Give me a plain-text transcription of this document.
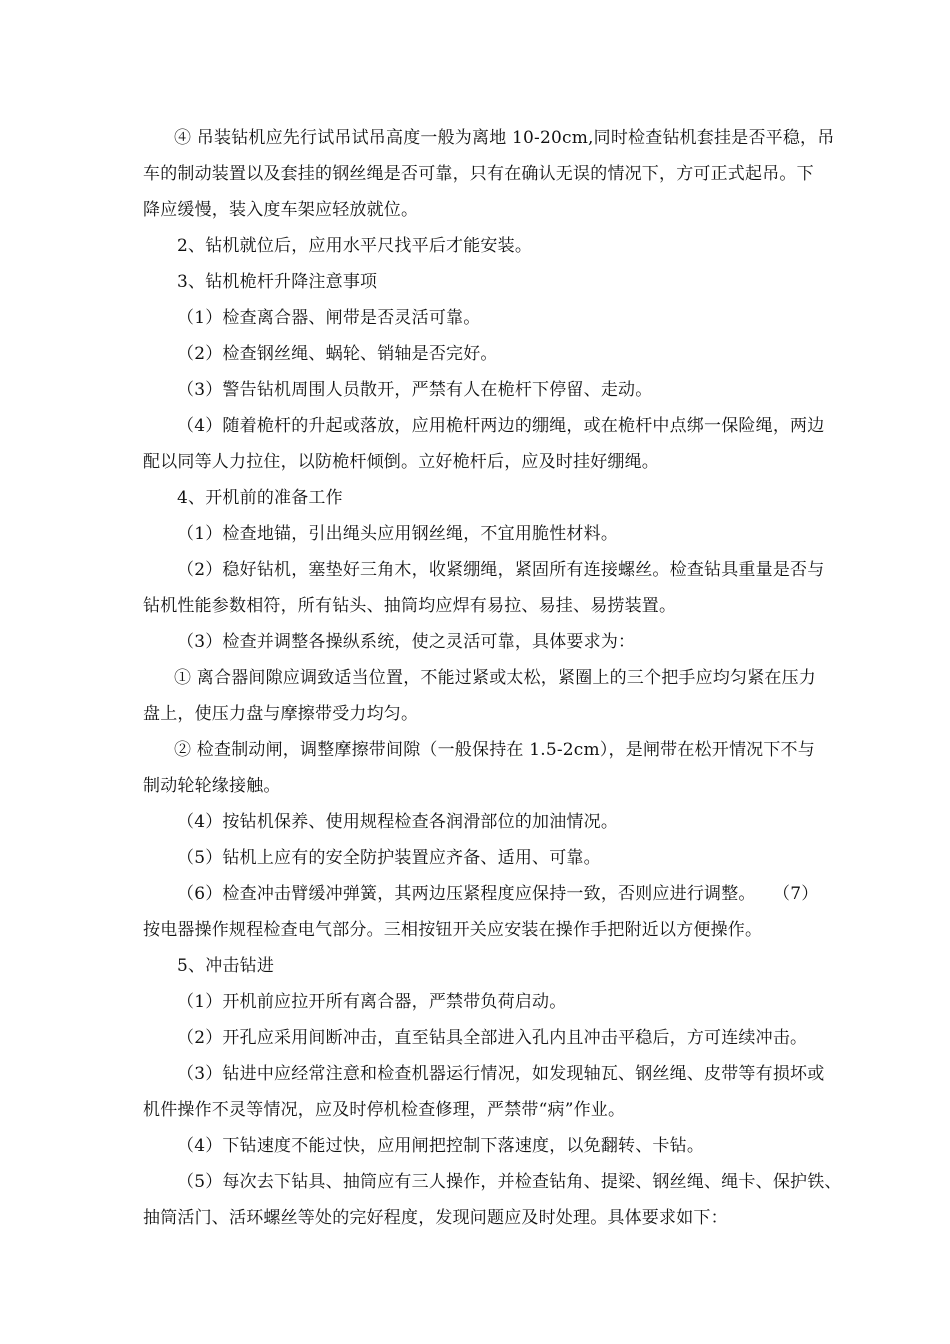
④ 吊装钻机应先行试吊试吊高度一般为离地 10-20cm,同时检查钻机套挂是否平稳，吊
车的制动装置以及套挂的钢丝绳是否可靠，只有在确认无误的情况下，方可正式起吊。下
降应缓慢，装入度车架应轻放就位。
2、钻机就位后，应用水平尺找平后才能安装。
3、钻机桅杆升降注意事项
（1）检查离合器、闸带是否灵活可靠。
（2）检查钢丝绳、蜗轮、销轴是否完好。
（3）警告钻机周围人员散开，严禁有人在桅杆下停留、走动。
（4）随着桅杆的升起或落放，应用桅杆两边的绷绳，或在桅杆中点绑一保险绳，两边
配以同等人力拉住，以防桅杆倾倒。立好桅杆后，应及时挂好绷绳。
4、开机前的准备工作
（1）检查地锚，引出绳头应用钢丝绳，不宜用脆性材料。
（2）稳好钻机，塞垫好三角木，收紧绷绳，紧固所有连接螺丝。检查钻具重量是否与
钻机性能参数相符，所有钻头、抽筒均应焊有易拉、易挂、易捞装置。
（3）检查并调整各操纵系统，使之灵活可靠，具体要求为：
① 离合器间隙应调致适当位置，不能过紧或太松，紧圈上的三个把手应均匀紧在压力
盘上，使压力盘与摩擦带受力均匀。
② 检查制动闸，调整摩擦带间隙（一般保持在 1.5-2cm），是闸带在松开情况下不与
制动轮轮缘接触。
（4）按钻机保养、使用规程检查各润滑部位的加油情况。
（5）钻机上应有的安全防护装置应齐备、适用、可靠。
（6）检查冲击臂缓冲弹簧，其两边压紧程度应保持一致，否则应进行调整。　　（7）
按电器操作规程检查电气部分。三相按钮开关应安装在操作手把附近以方便操作。
5、冲击钻进
（1）开机前应拉开所有离合器，严禁带负荷启动。
（2）开孔应采用间断冲击，直至钻具全部进入孔内且冲击平稳后，方可连续冲击。
（3）钻进中应经常注意和检查机器运行情况，如发现轴瓦、钢丝绳、皮带等有损坏或
机件操作不灵等情况，应及时停机检查修理，严禁带“病”作业。
（4）下钻速度不能过快，应用闸把控制下落速度，以免翻转、卡钻。
（5）每次去下钻具、抽筒应有三人操作，并检查钻角、提梁、钢丝绳、绳卡、保护铁、
抽筒活门、活环螺丝等处的完好程度，发现问题应及时处理。具体要求如下：
